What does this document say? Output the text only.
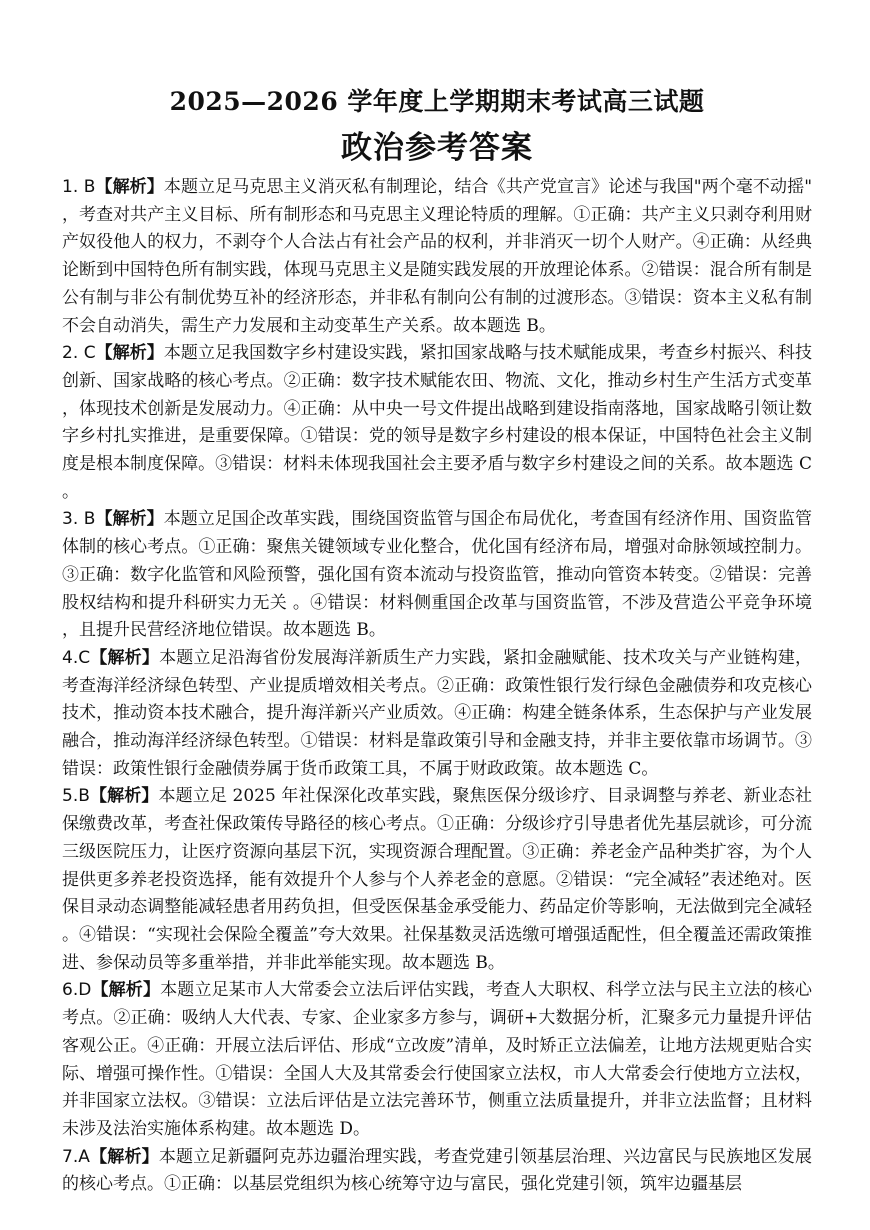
2025—2026 学年度上学期期末考试高三试题
政治参考答案

1. B【解析】本题立足马克思主义消灭私有制理论，结合《共产党宣言》论述与我国"两个毫不动摇"，考查对共产主义目标、所有制形态和马克思主义理论特质的理解。①正确：共产主义只剥夺利用财产奴役他人的权力，不剥夺个人合法占有社会产品的权利，并非消灭一切个人财产。④正确：从经典论断到中国特色所有制实践，体现马克思主义是随实践发展的开放理论体系。②错误：混合所有制是公有制与非公有制优势互补的经济形态，并非私有制向公有制的过渡形态。③错误：资本主义私有制不会自动消失，需生产力发展和主动变革生产关系。故本题选 B。

2. C【解析】本题立足我国数字乡村建设实践，紧扣国家战略与技术赋能成果，考查乡村振兴、科技创新、国家战略的核心考点。②正确：数字技术赋能农田、物流、文化，推动乡村生产生活方式变革，体现技术创新是发展动力。④正确：从中央一号文件提出战略到建设指南落地，国家战略引领让数字乡村扎实推进，是重要保障。①错误：党的领导是数字乡村建设的根本保证，中国特色社会主义制度是根本制度保障。③错误：材料未体现我国社会主要矛盾与数字乡村建设之间的关系。故本题选 C。

3. B【解析】本题立足国企改革实践，围绕国资监管与国企布局优化，考查国有经济作用、国资监管体制的核心考点。①正确：聚焦关键领域专业化整合，优化国有经济布局，增强对命脉领域控制力。③正确：数字化监管和风险预警，强化国有资本流动与投资监管，推动向管资本转变。②错误：完善股权结构和提升科研实力无关 。④错误：材料侧重国企改革与国资监管，不涉及营造公平竞争环境，且提升民营经济地位错误。故本题选 B。

4.C【解析】本题立足沿海省份发展海洋新质生产力实践，紧扣金融赋能、技术攻关与产业链构建，考查海洋经济绿色转型、产业提质增效相关考点。②正确：政策性银行发行绿色金融债券和攻克核心技术，推动资本技术融合，提升海洋新兴产业质效。④正确：构建全链条体系，生态保护与产业发展融合，推动海洋经济绿色转型。①错误：材料是靠政策引导和金融支持，并非主要依靠市场调节。③错误：政策性银行金融债券属于货币政策工具，不属于财政政策。故本题选 C。

5.B【解析】本题立足 2025 年社保深化改革实践，聚焦医保分级诊疗、目录调整与养老、新业态社保缴费改革，考查社保政策传导路径的核心考点。①正确：分级诊疗引导患者优先基层就诊，可分流三级医院压力，让医疗资源向基层下沉，实现资源合理配置。③正确：养老金产品种类扩容，为个人提供更多养老投资选择，能有效提升个人参与个人养老金的意愿。②错误：“完全减轻”表述绝对。医保目录动态调整能减轻患者用药负担，但受医保基金承受能力、药品定价等影响，无法做到完全减轻。④错误：“实现社会保险全覆盖”夸大效果。社保基数灵活选缴可增强适配性，但全覆盖还需政策推进、参保动员等多重举措，并非此举能实现。故本题选 B。

6.D【解析】本题立足某市人大常委会立法后评估实践，考查人大职权、科学立法与民主立法的核心考点。②正确：吸纳人大代表、专家、企业家多方参与，调研+大数据分析，汇聚多元力量提升评估客观公正。④正确：开展立法后评估、形成“立改废”清单，及时矫正立法偏差，让地方法规更贴合实际、增强可操作性。①错误：全国人大及其常委会行使国家立法权，市人大常委会行使地方立法权，并非国家立法权。③错误：立法后评估是立法完善环节，侧重立法质量提升，并非立法监督；且材料未涉及法治实施体系构建。故本题选 D。

7.A【解析】本题立足新疆阿克苏边疆治理实践，考查党建引领基层治理、兴边富民与民族地区发展的核心考点。①正确：以基层党组织为核心统筹守边与富民，强化党建引领，筑牢边疆基层
